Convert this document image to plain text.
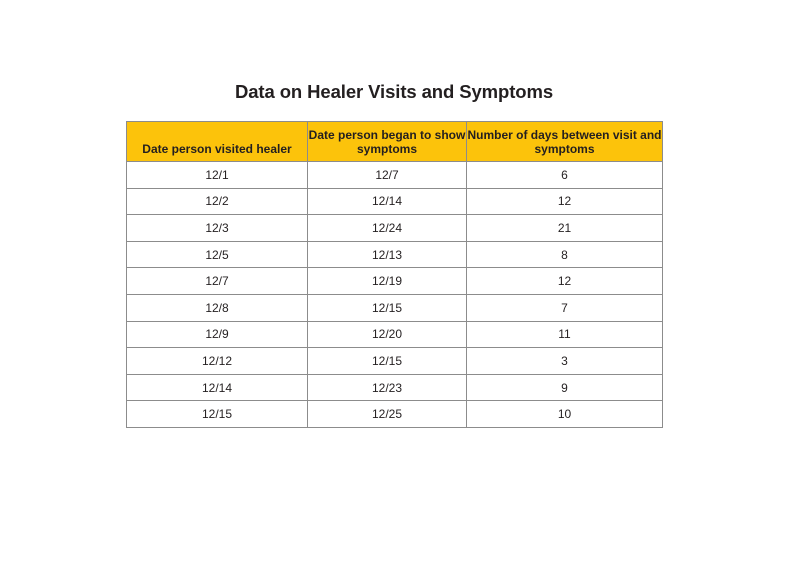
Data on Healer Visits and Symptoms
Date person visited healer	Date person began to show symptoms	Number of days between visit and symptoms
12/1	12/7	6
12/2	12/14	12
12/3	12/24	21
12/5	12/13	8
12/7	12/19	12
12/8	12/15	7
12/9	12/20	11
12/12	12/15	3
12/14	12/23	9
12/15	12/25	10
